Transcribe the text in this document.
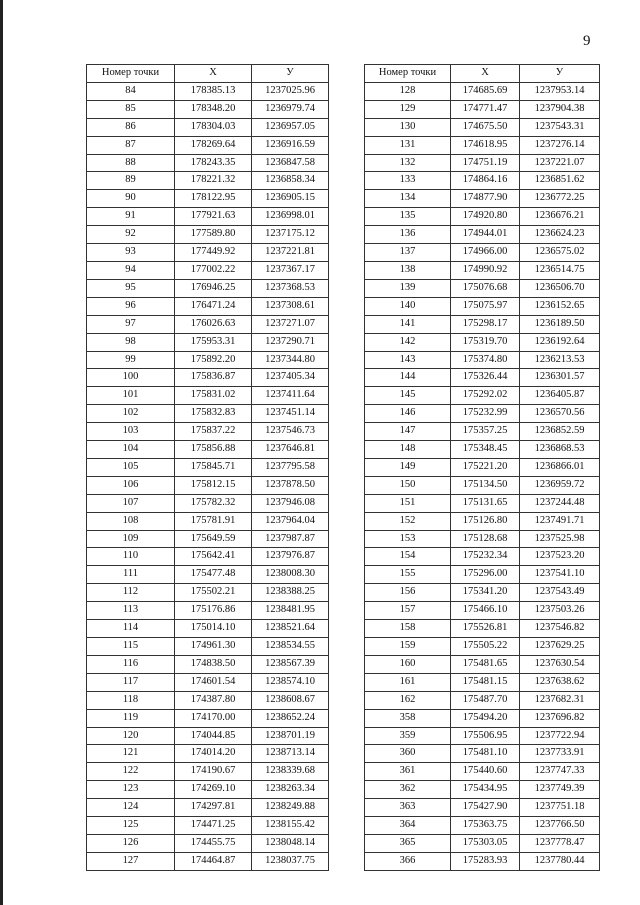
9
Номер точки	X	У
84	178385.13	1237025.96
85	178348.20	1236979.74
86	178304.03	1236957.05
87	178269.64	1236916.59
88	178243.35	1236847.58
89	178221.32	1236858.34
90	178122.95	1236905.15
91	177921.63	1236998.01
92	177589.80	1237175.12
93	177449.92	1237221.81
94	177002.22	1237367.17
95	176946.25	1237368.53
96	176471.24	1237308.61
97	176026.63	1237271.07
98	175953.31	1237290.71
99	175892.20	1237344.80
100	175836.87	1237405.34
101	175831.02	1237411.64
102	175832.83	1237451.14
103	175837.22	1237546.73
104	175856.88	1237646.81
105	175845.71	1237795.58
106	175812.15	1237878.50
107	175782.32	1237946.08
108	175781.91	1237964.04
109	175649.59	1237987.87
110	175642.41	1237976.87
111	175477.48	1238008.30
112	175502.21	1238388.25
113	175176.86	1238481.95
114	175014.10	1238521.64
115	174961.30	1238534.55
116	174838.50	1238567.39
117	174601.54	1238574.10
118	174387.80	1238608.67
119	174170.00	1238652.24
120	174044.85	1238701.19
121	174014.20	1238713.14
122	174190.67	1238339.68
123	174269.10	1238263.34
124	174297.81	1238249.88
125	174471.25	1238155.42
126	174455.75	1238048.14
127	174464.87	1238037.75
Номер точки	X	У
128	174685.69	1237953.14
129	174771.47	1237904.38
130	174675.50	1237543.31
131	174618.95	1237276.14
132	174751.19	1237221.07
133	174864.16	1236851.62
134	174877.90	1236772.25
135	174920.80	1236676.21
136	174944.01	1236624.23
137	174966.00	1236575.02
138	174990.92	1236514.75
139	175076.68	1236506.70
140	175075.97	1236152.65
141	175298.17	1236189.50
142	175319.70	1236192.64
143	175374.80	1236213.53
144	175326.44	1236301.57
145	175292.02	1236405.87
146	175232.99	1236570.56
147	175357.25	1236852.59
148	175348.45	1236868.53
149	175221.20	1236866.01
150	175134.50	1236959.72
151	175131.65	1237244.48
152	175126.80	1237491.71
153	175128.68	1237525.98
154	175232.34	1237523.20
155	175296.00	1237541.10
156	175341.20	1237543.49
157	175466.10	1237503.26
158	175526.81	1237546.82
159	175505.22	1237629.25
160	175481.65	1237630.54
161	175481.15	1237638.62
162	175487.70	1237682.31
358	175494.20	1237696.82
359	175506.95	1237722.94
360	175481.10	1237733.91
361	175440.60	1237747.33
362	175434.95	1237749.39
363	175427.90	1237751.18
364	175363.75	1237766.50
365	175303.05	1237778.47
366	175283.93	1237780.44
